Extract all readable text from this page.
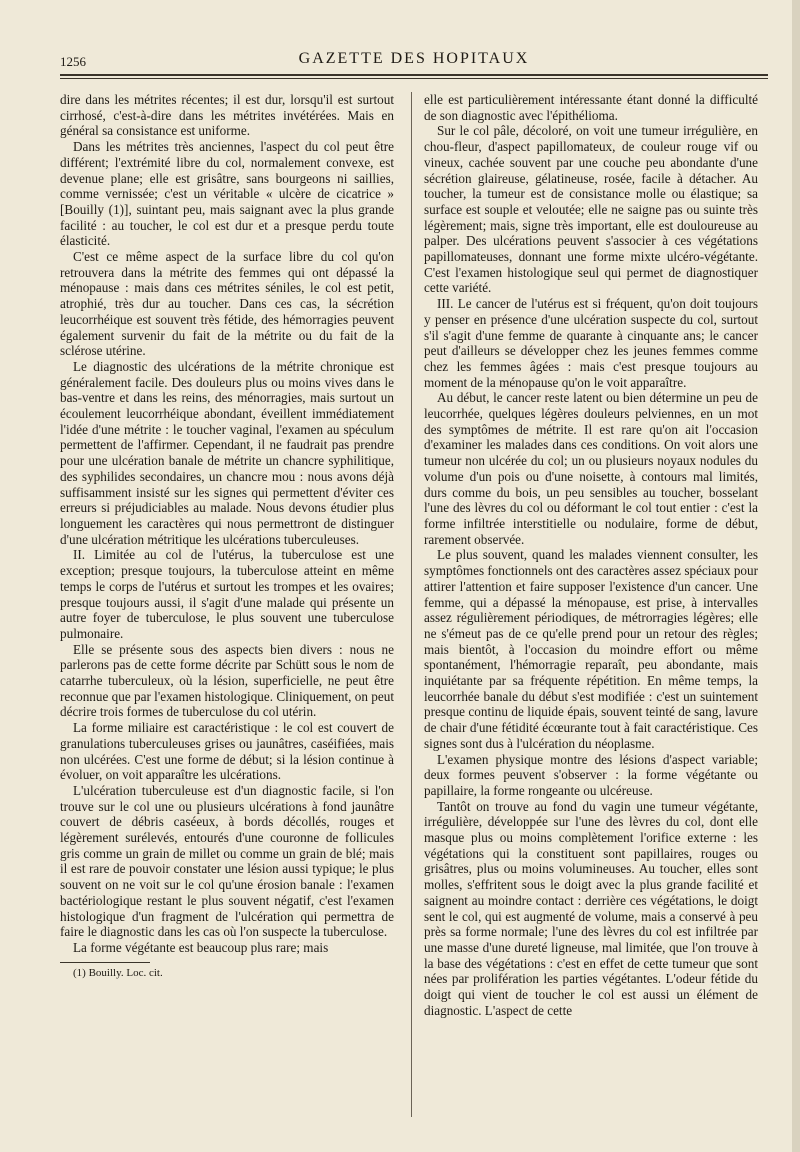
1256	GAZETTE DES HOPITAUX

dire dans les métrites récentes; il est dur, lorsqu'il est surtout cirrhosé, c'est-à-dire dans les métrites invétérées. Mais en général sa consistance est uniforme.

Dans les métrites très anciennes, l'aspect du col peut être différent; l'extrémité libre du col, normalement convexe, est devenue plane; elle est grisâtre, sans bourgeons ni saillies, comme vernissée; c'est un véritable « ulcère de cicatrice » [Bouilly (1)], suintant peu, mais saignant avec la plus grande facilité : au toucher, le col est dur et a presque perdu toute élasticité.

C'est ce même aspect de la surface libre du col qu'on retrouvera dans la métrite des femmes qui ont dépassé la ménopause : mais dans ces métrites séniles, le col est petit, atrophié, très dur au toucher. Dans ces cas, la sécrétion leucorrhéique est souvent très fétide, des hémorragies peuvent également survenir du fait de la métrite ou du fait de la sclérose utérine.

Le diagnostic des ulcérations de la métrite chronique est généralement facile. Des douleurs plus ou moins vives dans le bas-ventre et dans les reins, des ménorragies, mais surtout un écoulement leucorrhéique abondant, éveillent immédiatement l'idée d'une métrite : le toucher vaginal, l'examen au spéculum permettent de l'affirmer. Cependant, il ne faudrait pas prendre pour une ulcération banale de métrite un chancre syphilitique, des syphilides secondaires, un chancre mou : nous avons déjà suffisamment insisté sur les signes qui permettent d'éviter ces erreurs si préjudiciables au malade. Nous devons étudier plus longuement les caractères qui nous permettront de distinguer d'une ulcération métritique les ulcérations tuberculeuses.

II. Limitée au col de l'utérus, la tuberculose est une exception; presque toujours, la tuberculose atteint en même temps le corps de l'utérus et surtout les trompes et les ovaires; presque toujours aussi, il s'agit d'une malade qui présente un autre foyer de tuberculose, le plus souvent une tuberculose pulmonaire.

Elle se présente sous des aspects bien divers : nous ne parlerons pas de cette forme décrite par Schütt sous le nom de catarrhe tuberculeux, où la lésion, superficielle, ne peut être reconnue que par l'examen histologique. Cliniquement, on peut décrire trois formes de tuberculose du col utérin.

La forme miliaire est caractéristique : le col est couvert de granulations tuberculeuses grises ou jaunâtres, caséifiées, mais non ulcérées. C'est une forme de début; si la lésion continue à évoluer, on voit apparaître les ulcérations.

L'ulcération tuberculeuse est d'un diagnostic facile, si l'on trouve sur le col une ou plusieurs ulcérations à fond jaunâtre couvert de débris caséeux, à bords décollés, rouges et légèrement surélevés, entourés d'une couronne de follicules gris comme un grain de millet ou comme un grain de blé; mais il est rare de pouvoir constater une lésion aussi typique; le plus souvent on ne voit sur le col qu'une érosion banale : l'examen bactériologique restant le plus souvent négatif, c'est l'examen histologique d'un fragment de l'ulcération qui permettra de faire le diagnostic dans les cas où l'on suspecte la tuberculose.

La forme végétante est beaucoup plus rare; mais

(1) Bouilly. Loc. cit.

elle est particulièrement intéressante étant donné la difficulté de son diagnostic avec l'épithélioma.

Sur le col pâle, décoloré, on voit une tumeur irrégulière, en chou-fleur, d'aspect papillomateux, de couleur rouge vif ou vineux, cachée souvent par une couche peu abondante d'une sécrétion glaireuse, gélatineuse, rosée, facile à détacher. Au toucher, la tumeur est de consistance molle ou élastique; sa surface est souple et veloutée; elle ne saigne pas ou suinte très légèrement; mais, signe très important, elle est douloureuse au palper. Des ulcérations peuvent s'associer à ces végétations papillomateuses, donnant une forme mixte ulcéro-végétante. C'est l'examen histologique seul qui permet de diagnostiquer cette variété.

III. Le cancer de l'utérus est si fréquent, qu'on doit toujours y penser en présence d'une ulcération suspecte du col, surtout s'il s'agit d'une femme de quarante à cinquante ans; le cancer peut d'ailleurs se développer chez les jeunes femmes comme chez les femmes âgées : mais c'est presque toujours au moment de la ménopause qu'on le voit apparaître.

Au début, le cancer reste latent ou bien détermine un peu de leucorrhée, quelques légères douleurs pelviennes, en un mot des symptômes de métrite. Il est rare qu'on ait l'occasion d'examiner les malades dans ces conditions. On voit alors une tumeur non ulcérée du col; un ou plusieurs noyaux nodules du volume d'un pois ou d'une noisette, à contours mal limités, durs comme du bois, un peu sensibles au toucher, bosselant l'une des lèvres du col ou déformant le col tout entier : c'est la forme infiltrée interstitielle ou nodulaire, forme de début, rarement observée.

Le plus souvent, quand les malades viennent consulter, les symptômes fonctionnels ont des caractères assez spéciaux pour attirer l'attention et faire supposer l'existence d'un cancer. Une femme, qui a dépassé la ménopause, est prise, à intervalles assez régulièrement périodiques, de métrorragies légères; elle ne s'émeut pas de ce qu'elle prend pour un retour des règles; mais bientôt, à l'occasion du moindre effort ou même spontanément, l'hémorragie reparaît, peu abondante, mais inquiétante par sa fréquente répétition. En même temps, la leucorrhée banale du début s'est modifiée : c'est un suintement presque continu de liquide épais, souvent teinté de sang, lavure de chair d'une fétidité écœurante tout à fait caractéristique. Ces signes sont dus à l'ulcération du néoplasme.

L'examen physique montre des lésions d'aspect variable; deux formes peuvent s'observer : la forme végétante ou papillaire, la forme rongeante ou ulcéreuse.

Tantôt on trouve au fond du vagin une tumeur végétante, irrégulière, développée sur l'une des lèvres du col, dont elle masque plus ou moins complètement l'orifice externe : les végétations qui la constituent sont papillaires, rouges ou grisâtres, plus ou moins volumineuses. Au toucher, elles sont molles, s'effritent sous le doigt avec la plus grande facilité et saignent au moindre contact : derrière ces végétations, le doigt sent le col, qui est augmenté de volume, mais a conservé à peu près sa forme normale; l'une des lèvres du col est infiltrée par une masse d'une dureté ligneuse, mal limitée, que l'on trouve à la base des végétations : c'est en effet de cette tumeur que sont nées par prolifération les parties végétantes. L'odeur fétide du doigt qui vient de toucher le col est aussi un élément de diagnostic. L'aspect de cette
